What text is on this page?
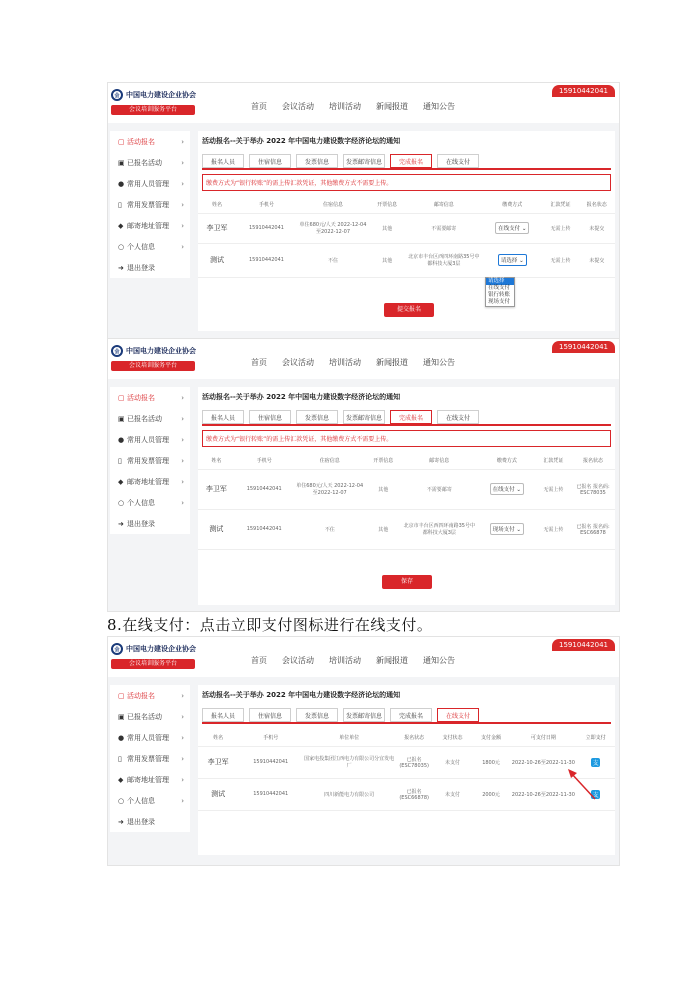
15910442041
会 中国电力建设企业协会
会议培训服务平台	首页 会议活动 培训活动 新闻报道 通知公告
▢ 活动报名	›
▣ 已报名活动	›
● 常用人员管理 ›
▯ 常用发票管理 ›
◆ 邮寄地址管理 ›
○ 个人信息	›
➜ 退出登录
活动报名--关于举办 2022 年中国电力建设数字经济论坛的通知
报名人员	住宿信息	发票信息	发票邮寄信息	完成报名	在线支付
缴费方式为“银行转账”的需上传汇款凭证，其他缴费方式不需要上传。
姓名	手机号	住宿信息	开票信息	邮寄信息	缴费方式	汇款凭证	报名状态
李卫军	15910442041	单住680元/人天 2022-12-04至2022-12-07	其他	不需要邮寄	在线支付 ⌄	无需上传	未提交
测试	15910442041	不住	其他	北京市丰台区西四环南路35号中都科技大厦3层	请选择 ⌄	无需上传	未提交
请选择
在线支付
银行转账
现场支付
提交报名
15910442041
会 中国电力建设企业协会
会议培训服务平台	首页 会议活动 培训活动 新闻报道 通知公告
▢ 活动报名	›
▣ 已报名活动	›
● 常用人员管理 ›
▯ 常用发票管理 ›
◆ 邮寄地址管理 ›
○ 个人信息	›
➜ 退出登录
活动报名--关于举办 2022 年中国电力建设数字经济论坛的通知
报名人员	住宿信息	发票信息	发票邮寄信息	完成报名	在线支付
缴费方式为“银行转账”的需上传汇款凭证，其他缴费方式不需要上传。
姓名	手机号	住宿信息	开票信息	邮寄信息	缴费方式	汇款凭证	报名状态
李卫军	15910442041	单住680元/人天 2022-12-04至2022-12-07	其他	不需要邮寄	在线支付 ⌄	无需上传	已报名 报名码: ESC78035
测试	15910442041	不住	其他	北京市丰台区西四环南路35号中都科技大厦3层	现场支付 ⌄	无需上传	已报名 报名码: ESC66878
保存
8.在线支付：点击立即支付图标进行在线支付。
15910442041
会 中国电力建设企业协会
会议培训服务平台	首页 会议活动 培训活动 新闻报道 通知公告
▢ 活动报名	›
▣ 已报名活动	›
● 常用人员管理 ›
▯ 常用发票管理 ›
◆ 邮寄地址管理 ›
○ 个人信息	›
➜ 退出登录
活动报名--关于举办 2022 年中国电力建设数字经济论坛的通知
报名人员	住宿信息	发票信息	发票邮寄信息	完成报名	在线支付
姓名	手机号	单位单位	报名状态	支付状态	支付金额	可支付日期	立即支付
李卫军	15910442041	国家电投集团江西电力有限公司分宜发电厂	已报名 (ESC78035)	未支付	1800元	2022-10-26至2022-11-30	支
测试	15910442041	四川新能电力有限公司	已报名 (ESC66878)	未支付	2000元	2022-10-26至2022-11-30	支
